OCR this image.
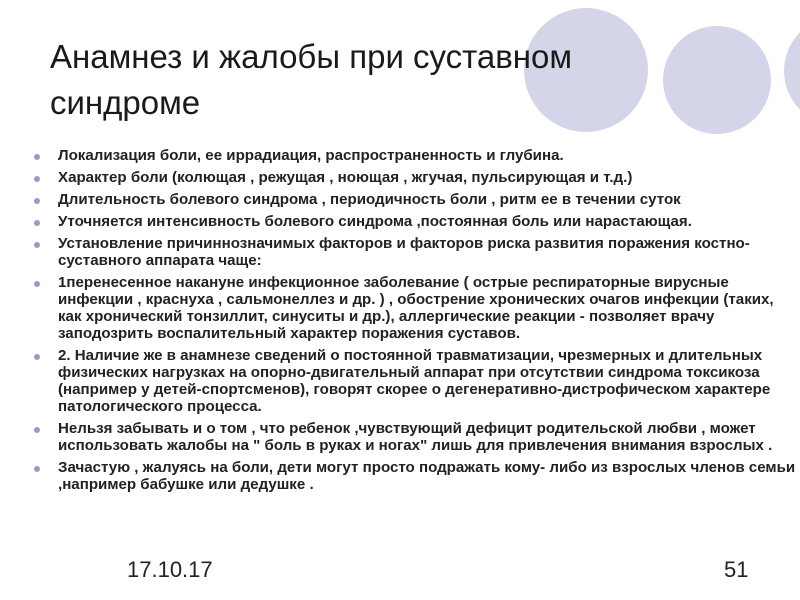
Анамнез и жалобы при суставном синдроме
Локализация боли, ее иррадиация, распространенность и глубина.
Характер боли (колющая , режущая , ноющая , жгучая, пульсирующая и т.д.)
Длительность болевого синдрома , периодичность боли , ритм ее в течении суток
Уточняется интенсивность болевого синдрома ,постоянная боль или нарастающая.
Установление причиннозначимых факторов и факторов риска развития поражения костно-суставного аппарата чаще:
1перенесенное накануне инфекционное заболевание ( острые респираторные вирусные инфекции , краснуха , сальмонеллез и др. ) , обострение хронических очагов инфекции (таких, как хронический тонзиллит, синуситы и др.), аллергические реакции - позволяет врачу заподозрить воспалительный характер поражения суставов.
2. Наличие же в анамнезе сведений о постоянной травматизации, чрезмерных и длительных физических нагрузках на опорно-двигательный аппарат при отсутствии синдрома токсикоза (например у детей-спортсменов), говорят скорее о дегенеративно-дистрофическом характере патологического процесса.
Нельзя забывать и о том , что ребенок ,чувствующий дефицит родительской любви , может использовать жалобы на " боль в руках и ногах" лишь для привлечения внимания взрослых .
Зачастую , жалуясь на боли, дети могут просто подражать кому- либо из взрослых членов семьи ,например бабушке или дедушке .
17.10.17	51
